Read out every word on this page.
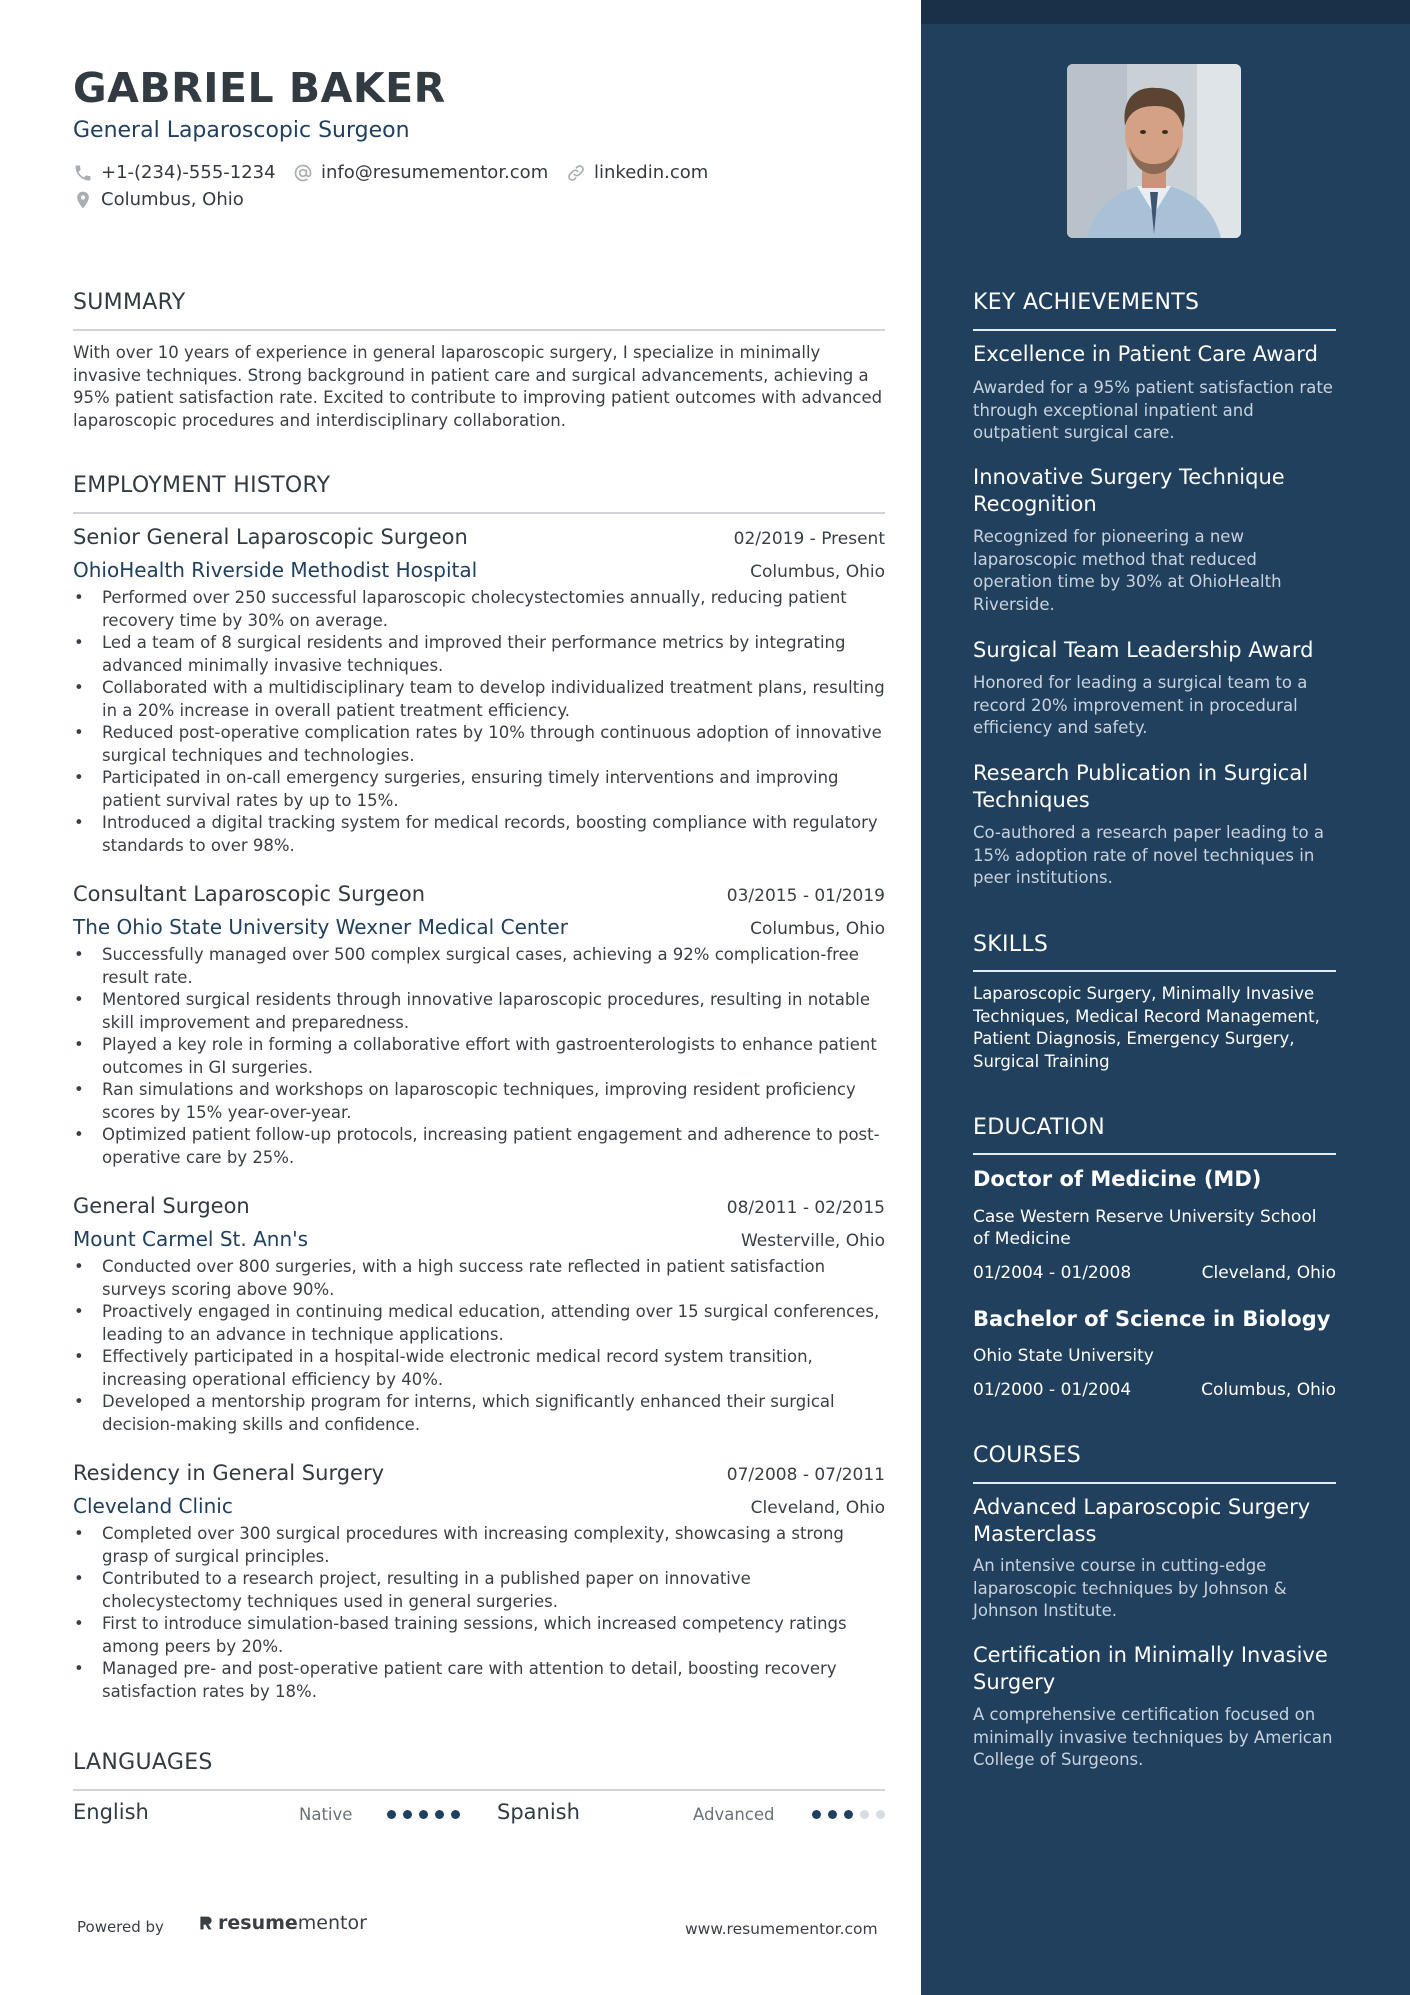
GABRIEL BAKER
General Laparoscopic Surgeon
+1-(234)-555-1234	info@resumementor.com	linkedin.com
Columbus, Ohio
SUMMARY
With over 10 years of experience in general laparoscopic surgery, I specialize in minimally invasive techniques. Strong background in patient care and surgical advancements, achieving a 95% patient satisfaction rate. Excited to contribute to improving patient outcomes with advanced laparoscopic procedures and interdisciplinary collaboration.
EMPLOYMENT HISTORY
Senior General Laparoscopic Surgeon	02/2019 - Present
OhioHealth Riverside Methodist Hospital	Columbus, Ohio
• Performed over 250 successful laparoscopic cholecystectomies annually, reducing patient recovery time by 30% on average.
• Led a team of 8 surgical residents and improved their performance metrics by integrating advanced minimally invasive techniques.
• Collaborated with a multidisciplinary team to develop individualized treatment plans, resulting in a 20% increase in overall patient treatment efficiency.
• Reduced post-operative complication rates by 10% through continuous adoption of innovative surgical techniques and technologies.
• Participated in on-call emergency surgeries, ensuring timely interventions and improving patient survival rates by up to 15%.
• Introduced a digital tracking system for medical records, boosting compliance with regulatory standards to over 98%.
Consultant Laparoscopic Surgeon	03/2015 - 01/2019
The Ohio State University Wexner Medical Center	Columbus, Ohio
• Successfully managed over 500 complex surgical cases, achieving a 92% complication-free result rate.
• Mentored surgical residents through innovative laparoscopic procedures, resulting in notable skill improvement and preparedness.
• Played a key role in forming a collaborative effort with gastroenterologists to enhance patient outcomes in GI surgeries.
• Ran simulations and workshops on laparoscopic techniques, improving resident proficiency scores by 15% year-over-year.
• Optimized patient follow-up protocols, increasing patient engagement and adherence to post-operative care by 25%.
General Surgeon	08/2011 - 02/2015
Mount Carmel St. Ann's	Westerville, Ohio
• Conducted over 800 surgeries, with a high success rate reflected in patient satisfaction surveys scoring above 90%.
• Proactively engaged in continuing medical education, attending over 15 surgical conferences, leading to an advance in technique applications.
• Effectively participated in a hospital-wide electronic medical record system transition, increasing operational efficiency by 40%.
• Developed a mentorship program for interns, which significantly enhanced their surgical decision-making skills and confidence.
Residency in General Surgery	07/2008 - 07/2011
Cleveland Clinic	Cleveland, Ohio
• Completed over 300 surgical procedures with increasing complexity, showcasing a strong grasp of surgical principles.
• Contributed to a research project, resulting in a published paper on innovative cholecystectomy techniques used in general surgeries.
• First to introduce simulation-based training sessions, which increased competency ratings among peers by 20%.
• Managed pre- and post-operative patient care with attention to detail, boosting recovery satisfaction rates by 18%.
LANGUAGES
English	Native	Spanish	Advanced
Powered by	resume mentor	www.resumementor.com
KEY ACHIEVEMENTS
Excellence in Patient Care Award
Awarded for a 95% patient satisfaction rate through exceptional inpatient and outpatient surgical care.
Innovative Surgery Technique Recognition
Recognized for pioneering a new laparoscopic method that reduced operation time by 30% at OhioHealth Riverside.
Surgical Team Leadership Award
Honored for leading a surgical team to a record 20% improvement in procedural efficiency and safety.
Research Publication in Surgical Techniques
Co-authored a research paper leading to a 15% adoption rate of novel techniques in peer institutions.
SKILLS
Laparoscopic Surgery, Minimally Invasive Techniques, Medical Record Management, Patient Diagnosis, Emergency Surgery, Surgical Training
EDUCATION
Doctor of Medicine (MD)
Case Western Reserve University School of Medicine
01/2004 - 01/2008	Cleveland, Ohio
Bachelor of Science in Biology
Ohio State University
01/2000 - 01/2004	Columbus, Ohio
COURSES
Advanced Laparoscopic Surgery Masterclass
An intensive course in cutting-edge laparoscopic techniques by Johnson & Johnson Institute.
Certification in Minimally Invasive Surgery
A comprehensive certification focused on minimally invasive techniques by American College of Surgeons.
